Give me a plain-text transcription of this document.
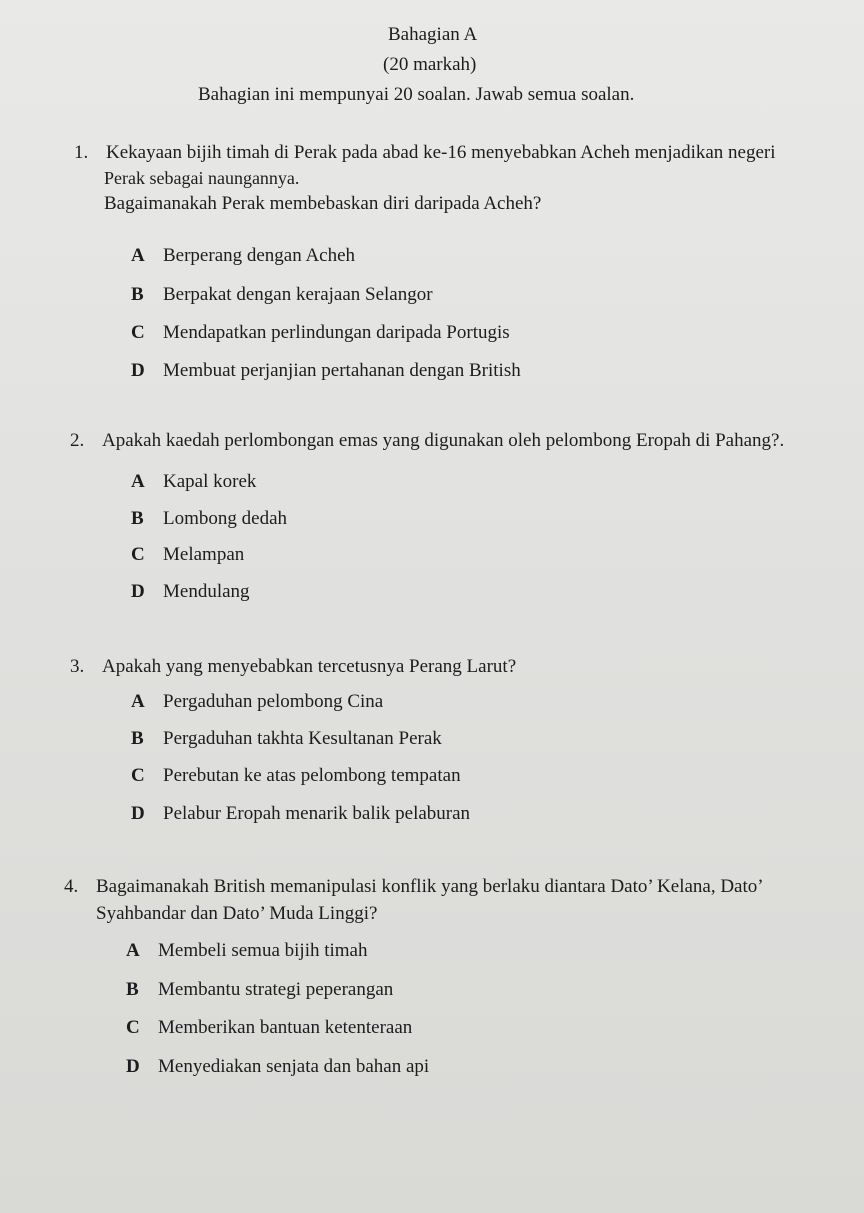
Bahagian A
(20 markah)
Bahagian ini mempunyai 20 soalan. Jawab semua soalan.
1. Kekayaan bijih timah di Perak pada abad ke-16 menyebabkan Acheh menjadikan negeri
Perak sebagai naungannya.
Bagaimanakah Perak membebaskan diri daripada Acheh?
A Berperang dengan Acheh
B Berpakat dengan kerajaan Selangor
C Mendapatkan perlindungan daripada Portugis
D Membuat perjanjian pertahanan dengan British
2. Apakah kaedah perlombongan emas yang digunakan oleh pelombong Eropah di Pahang?.
A Kapal korek
B Lombong dedah
C Melampan
D Mendulang
3. Apakah yang menyebabkan tercetusnya Perang Larut?
A Pergaduhan pelombong Cina
B Pergaduhan takhta Kesultanan Perak
C Perebutan ke atas pelombong tempatan
D Pelabur Eropah menarik balik pelaburan
4. Bagaimanakah British memanipulasi konflik yang berlaku diantara Dato’ Kelana, Dato’
Syahbandar dan Dato’ Muda Linggi?
A Membeli semua bijih timah
B Membantu strategi peperangan
C Memberikan bantuan ketenteraan
D Menyediakan senjata dan bahan api
